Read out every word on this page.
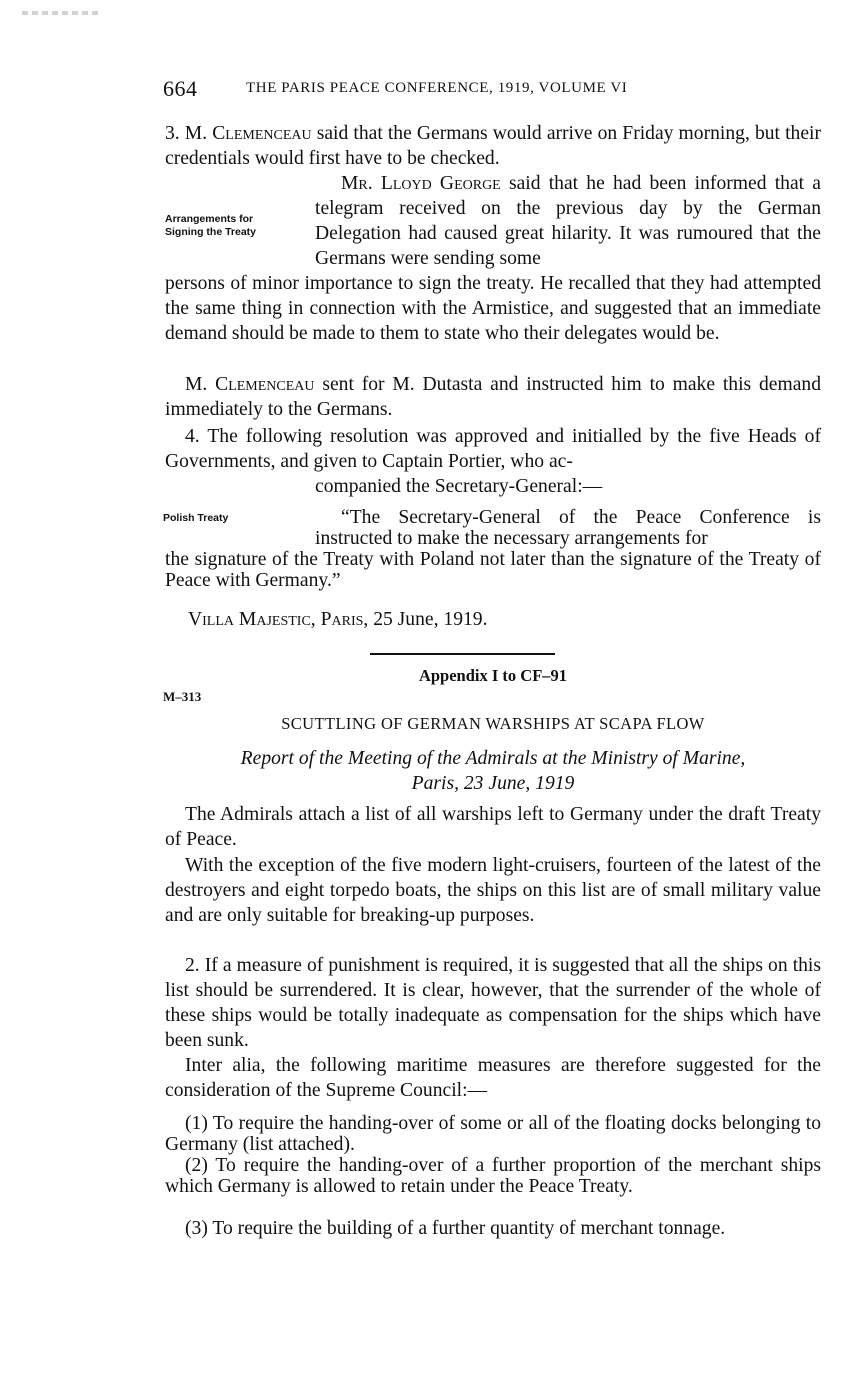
664	THE PARIS PEACE CONFERENCE, 1919, VOLUME VI
3. M. Clemenceau said that the Germans would arrive on Friday morning, but their credentials would first have to be checked.
Mr. Lloyd George said that he had been informed that a telegram received on the previous day by the German Delegation had caused great hilarity. It was rumoured that the Germans were sending some
Arrangements for
Signing the Treaty
persons of minor importance to sign the treaty. He recalled that they had attempted the same thing in connection with the Armistice, and suggested that an immediate demand should be made to them to state who their delegates would be.
M. Clemenceau sent for M. Dutasta and instructed him to make this demand immediately to the Germans.
4. The following resolution was approved and initialled by the five Heads of Governments, and given to Captain Portier, who ac-
companied the Secretary-General:—
Polish Treaty	“The Secretary-General of the Peace Conference is instructed to make the necessary arrangements for
the signature of the Treaty with Poland not later than the signature of the Treaty of Peace with Germany.”
Villa Majestic, Paris, 25 June, 1919.
Appendix I to CF–91
M–313
SCUTTLING OF GERMAN WARSHIPS AT SCAPA FLOW
Report of the Meeting of the Admirals at the Ministry of Marine,
Paris, 23 June, 1919
The Admirals attach a list of all warships left to Germany under the draft Treaty of Peace.
With the exception of the five modern light-cruisers, fourteen of the latest of the destroyers and eight torpedo boats, the ships on this list are of small military value and are only suitable for breaking-up purposes.
2. If a measure of punishment is required, it is suggested that all the ships on this list should be surrendered. It is clear, however, that the surrender of the whole of these ships would be totally inadequate as compensation for the ships which have been sunk.
Inter alia, the following maritime measures are therefore suggested for the consideration of the Supreme Council:—
(1) To require the handing-over of some or all of the floating docks belonging to Germany (list attached).
(2) To require the handing-over of a further proportion of the merchant ships which Germany is allowed to retain under the Peace Treaty.
(3) To require the building of a further quantity of merchant tonnage.
